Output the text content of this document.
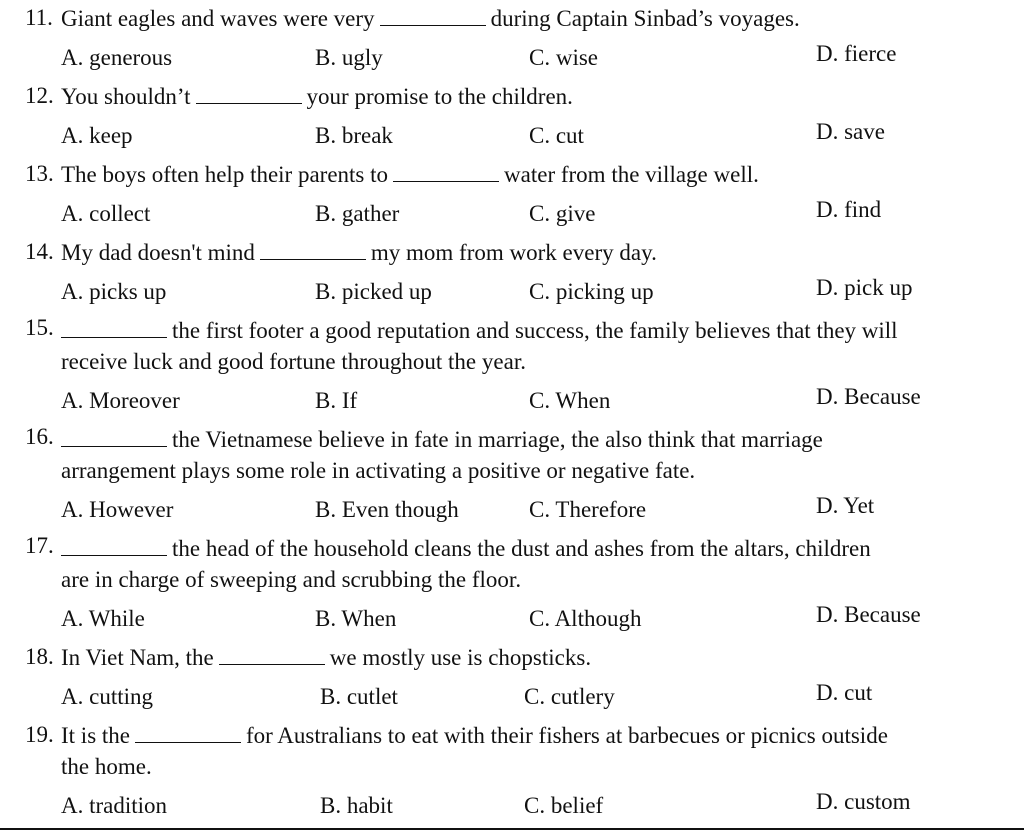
11. Giant eagles and waves were very	during Captain Sinbad’s voyages.
A. generous	B. ugly	C. wise	D. fierce
12. You shouldn’t	your promise to the children.
A. keep	B. break	C. cut	D. save
13. The boys often help their parents to	water from the village well.
A. collect	B. gather	C. give	D. find
14. My dad doesn't mind	my mom from work every day.
A. picks up	B. picked up	C. picking up	D. pick up
15.	the first footer a good reputation and success, the family believes that they will
receive luck and good fortune throughout the year.
A. Moreover	B. If	C. When	D. Because
16.	the Vietnamese believe in fate in marriage, the also think that marriage
arrangement plays some role in activating a positive or negative fate.
A. However	B. Even though	C. Therefore	D. Yet
17.	the head of the household cleans the dust and ashes from the altars, children
are in charge of sweeping and scrubbing the floor.
A. While	B. When	C. Although	D. Because
18. In Viet Nam, the	we mostly use is chopsticks.
A. cutting	B. cutlet	C. cutlery	D. cut
19. It is the	for Australians to eat with their fishers at barbecues or picnics outside
the home.
A. tradition	B. habit	C. belief	D. custom
